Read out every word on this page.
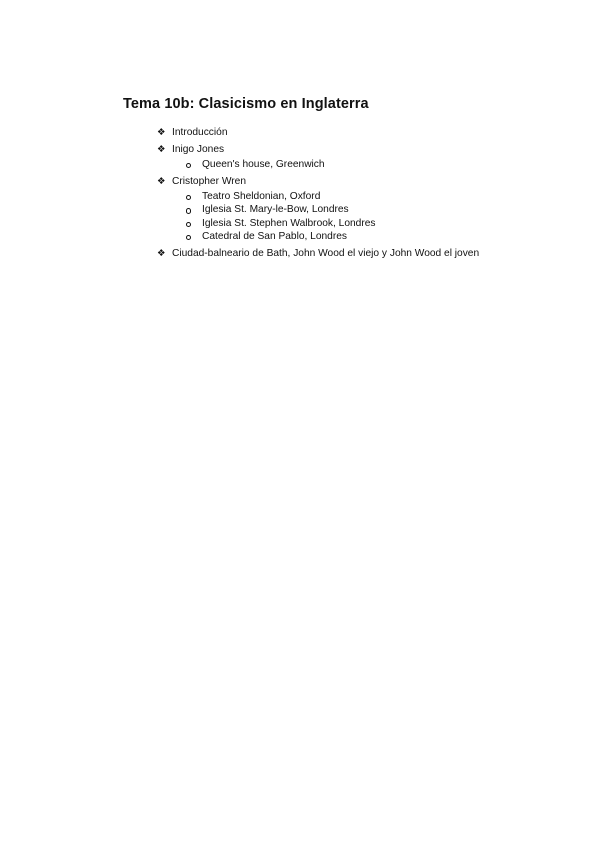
Tema 10b: Clasicismo en Inglaterra
❖ Introducción
❖ Inigo Jones
Queen's house, Greenwich
❖ Cristopher Wren
Teatro Sheldonian, Oxford
Iglesia St. Mary-le-Bow, Londres
Iglesia St. Stephen Walbrook, Londres
Catedral de San Pablo, Londres
❖ Ciudad-balneario de Bath, John Wood el viejo y John Wood el joven
